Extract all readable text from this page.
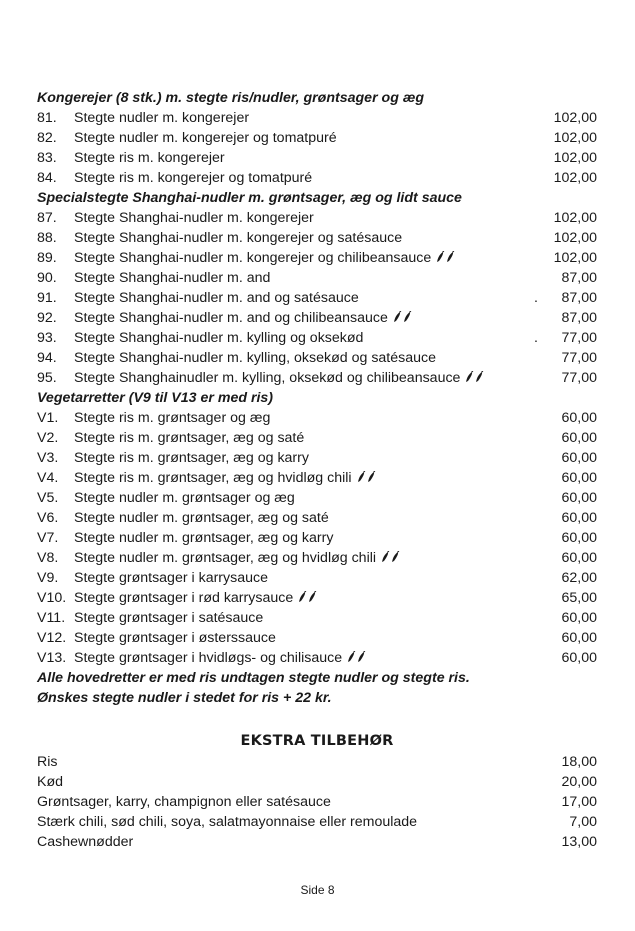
Kongerejer (8 stk.) m. stegte ris/nudler, grøntsager og æg
81. Stegte nudler m. kongerejer	102,00
82. Stegte nudler m. kongerejer og tomatpuré	102,00
83. Stegte ris m. kongerejer	102,00
84. Stegte ris m. kongerejer og tomatpuré	102,00
Specialstegte Shanghai-nudler m. grøntsager, æg og lidt sauce
87. Stegte Shanghai-nudler m. kongerejer	102,00
88. Stegte Shanghai-nudler m. kongerejer og satésauce	102,00
89. Stegte Shanghai-nudler m. kongerejer og chilibeansauce	102,00
90. Stegte Shanghai-nudler m. and	87,00
91. Stegte Shanghai-nudler m. and og satésauce	. 87,00
92. Stegte Shanghai-nudler m. and og chilibeansauce	87,00
93. Stegte Shanghai-nudler m. kylling og oksekød	. 77,00
94. Stegte Shanghai-nudler m. kylling, oksekød og satésauce	77,00
95. Stegte Shanghainudler m. kylling, oksekød og chilibeansauce	77,00
Vegetarretter (V9 til V13 er med ris)
V1. Stegte ris m. grøntsager og æg	60,00
V2. Stegte ris m. grøntsager, æg og saté	60,00
V3. Stegte ris m. grøntsager, æg og karry	60,00
V4. Stegte ris m. grøntsager, æg og hvidløg chili	60,00
V5. Stegte nudler m. grøntsager og æg	60,00
V6. Stegte nudler m. grøntsager, æg og saté	60,00
V7. Stegte nudler m. grøntsager, æg og karry	60,00
V8. Stegte nudler m. grøntsager, æg og hvidløg chili	60,00
V9. Stegte grøntsager i karrysauce	62,00
V10. Stegte grøntsager i rød karrysauce	65,00
V11. Stegte grøntsager i satésauce	60,00
V12. Stegte grøntsager i østerssauce	60,00
V13. Stegte grøntsager i hvidløgs- og chilisauce	60,00
Alle hovedretter er med ris undtagen stegte nudler og stegte ris.
Ønskes stegte nudler i stedet for ris + 22 kr.
EKSTRA TILBEHØR
Ris	18,00
Kød	20,00
Grøntsager, karry, champignon eller satésauce	17,00
Stærk chili, sød chili, soya, salatmayonnaise eller remoulade	7,00
Cashewnødder	13,00
Side 8
